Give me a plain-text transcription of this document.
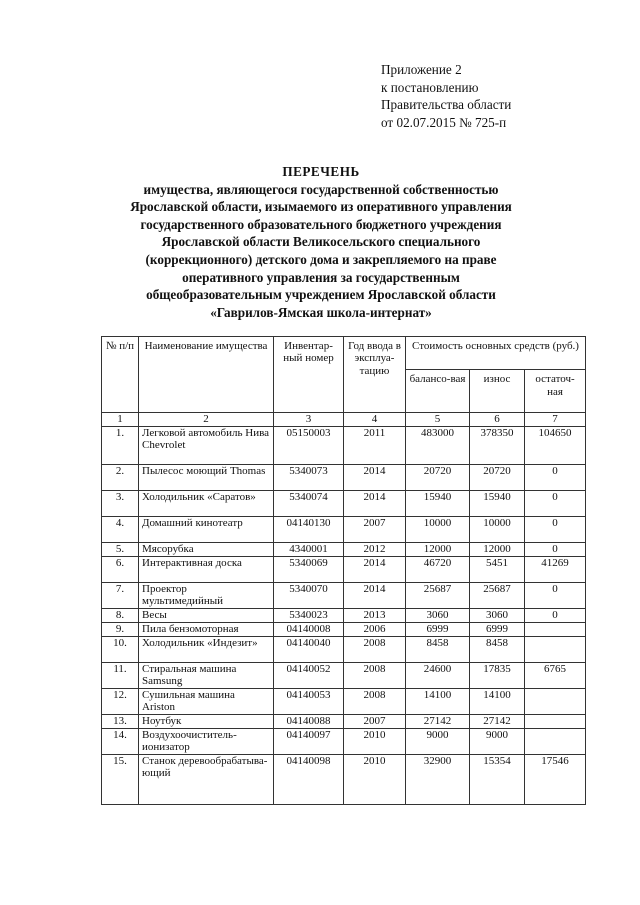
Приложение 2
к постановлению
Правительства области
от 02.07.2015 № 725-п
ПЕРЕЧЕНЬ
имущества, являющегося государственной собственностью
Ярославской области, изымаемого из оперативного управления
государственного образовательного бюджетного учреждения
Ярославской области Великосельского специального
(коррекционного) детского дома и закрепляемого на праве
оперативного управления за государственным
общеобразовательным учреждением Ярославской области
«Гаврилов-Ямская школа-интернат»
№ п/п	Наименование имущества	Инвентар-ный номер	Год ввода в эксплуа-тацию	Стоимость основных средств (руб.)		
				балансо-вая	износ	остаточ-ная
1	2	3	4	5	6	7
1.	Легковой автомобиль Нива Chevrolet	05150003	2011	483000	378350	104650
2.	Пылесос моющий Thomas	5340073	2014	20720	20720	0
3.	Холодильник «Саратов»	5340074	2014	15940	15940	0
4.	Домашний кинотеатр	04140130	2007	10000	10000	0
5.	Мясорубка	4340001	2012	12000	12000	0
6.	Интерактивная доска	5340069	2014	46720	5451	41269
7.	Проектор мультимедийный	5340070	2014	25687	25687	0
8.	Весы	5340023	2013	3060	3060	0
9.	Пила бензомоторная	04140008	2006	6999	6999	
10.	Холодильник «Индезит»	04140040	2008	8458	8458	
11.	Стиральная машина Samsung	04140052	2008	24600	17835	6765
12.	Сушильная машина Ariston	04140053	2008	14100	14100	
13.	Ноутбук	04140088	2007	27142	27142	
14.	Воздухоочиститель-ионизатор	04140097	2010	9000	9000	
15.	Станок деревообрабатыва-ющий	04140098	2010	32900	15354	17546
